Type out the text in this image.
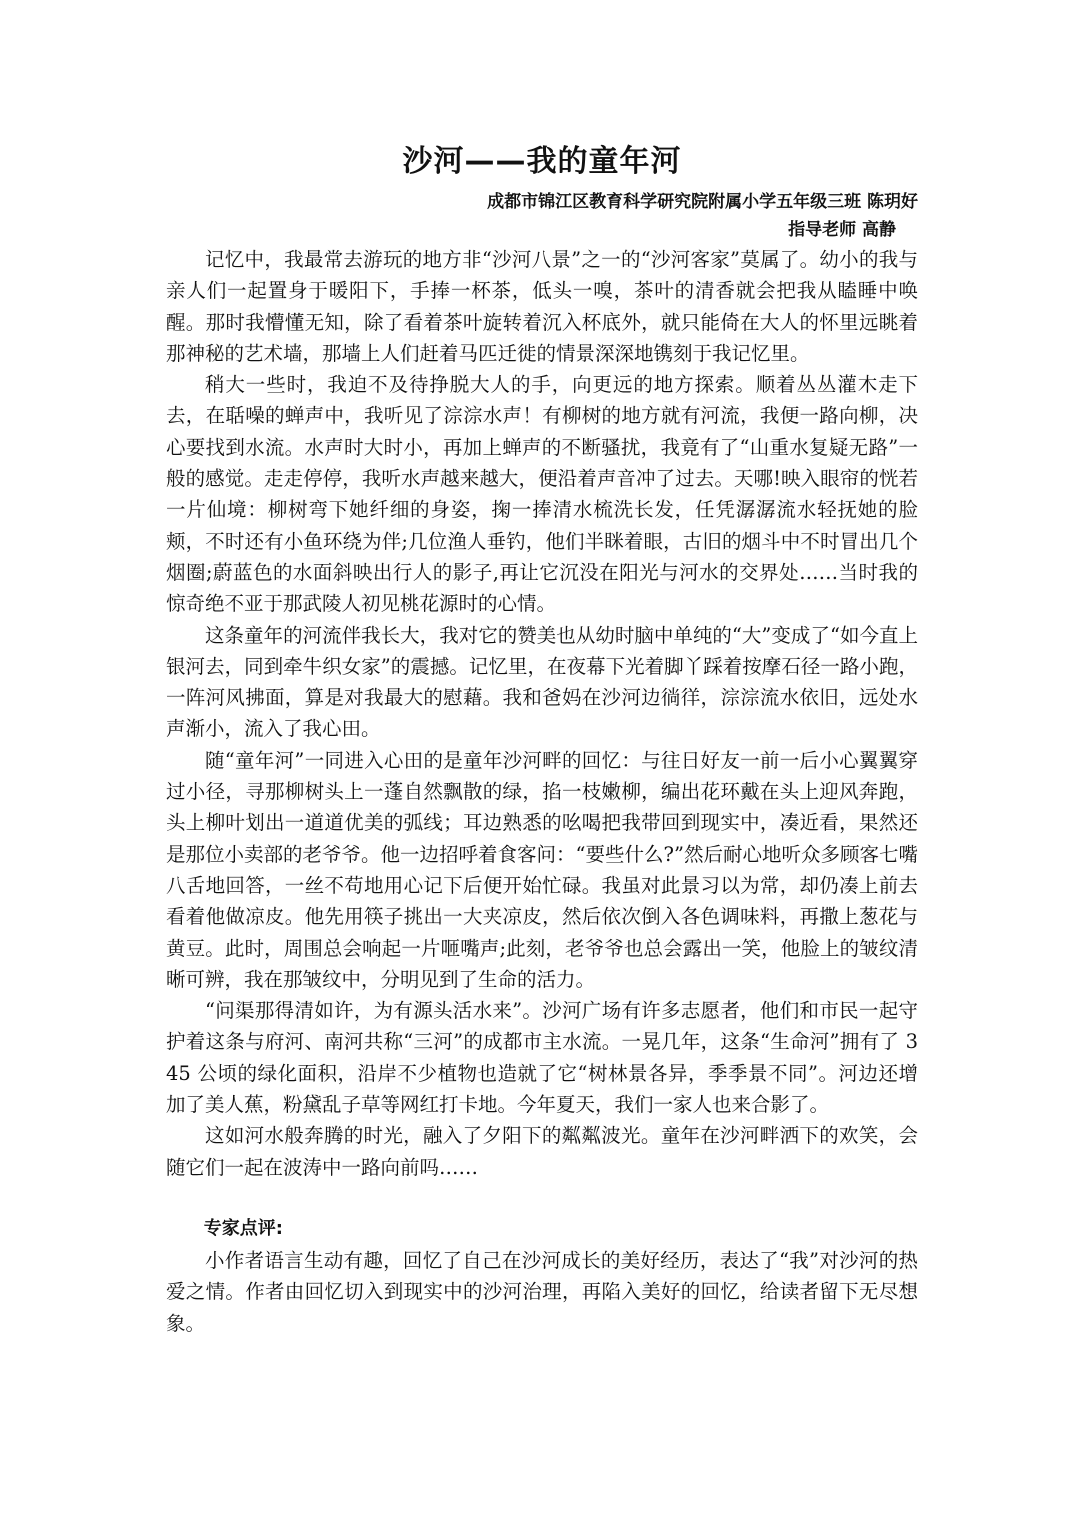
沙河——我的童年河
成都市锦江区教育科学研究院附属小学五年级三班 陈玥好
指导老师 高静

记忆中，我最常去游玩的地方非“沙河八景”之一的“沙河客家”莫属了。幼小的我与亲人们一起置身于暖阳下，手捧一杯茶，低头一嗅，茶叶的清香就会把我从瞌睡中唤醒。那时我懵懂无知，除了看着茶叶旋转着沉入杯底外，就只能倚在大人的怀里远眺着那神秘的艺术墙，那墙上人们赶着马匹迁徙的情景深深地镌刻于我记忆里。

稍大一些时，我迫不及待挣脱大人的手，向更远的地方探索。顺着丛丛灌木走下去，在聒噪的蝉声中，我听见了淙淙水声！有柳树的地方就有河流，我便一路向柳，决心要找到水流。水声时大时小，再加上蝉声的不断骚扰，我竟有了“山重水复疑无路”一般的感觉。走走停停，我听水声越来越大，便沿着声音冲了过去。天哪!映入眼帘的恍若一片仙境：柳树弯下她纤细的身姿，掬一捧清水梳洗长发，任凭潺潺流水轻抚她的脸颊，不时还有小鱼环绕为伴;几位渔人垂钓，他们半眯着眼，古旧的烟斗中不时冒出几个烟圈;蔚蓝色的水面斜映出行人的影子,再让它沉没在阳光与河水的交界处……当时我的惊奇绝不亚于那武陵人初见桃花源时的心情。

这条童年的河流伴我长大，我对它的赞美也从幼时脑中单纯的“大”变成了“如今直上银河去，同到牵牛织女家”的震撼。记忆里，在夜幕下光着脚丫踩着按摩石径一路小跑，一阵河风拂面，算是对我最大的慰藉。我和爸妈在沙河边徜徉，淙淙流水依旧，远处水声渐小，流入了我心田。

随“童年河”一同进入心田的是童年沙河畔的回忆：与往日好友一前一后小心翼翼穿过小径，寻那柳树头上一蓬自然飘散的绿，掐一枝嫩柳，编出花环戴在头上迎风奔跑，头上柳叶划出一道道优美的弧线；耳边熟悉的吆喝把我带回到现实中，凑近看，果然还是那位小卖部的老爷爷。他一边招呼着食客问：“要些什么?”然后耐心地听众多顾客七嘴八舌地回答，一丝不苟地用心记下后便开始忙碌。我虽对此景习以为常，却仍凑上前去看着他做凉皮。他先用筷子挑出一大夹凉皮，然后依次倒入各色调味料，再撒上葱花与黄豆。此时，周围总会响起一片咂嘴声;此刻，老爷爷也总会露出一笑，他脸上的皱纹清晰可辨，我在那皱纹中，分明见到了生命的活力。

“问渠那得清如许，为有源头活水来”。沙河广场有许多志愿者，他们和市民一起守护着这条与府河、南河共称“三河”的成都市主水流。一晃几年，这条“生命河”拥有了 345 公顷的绿化面积，沿岸不少植物也造就了它“树林景各异，季季景不同”。河边还增加了美人蕉，粉黛乱子草等网红打卡地。今年夏天，我们一家人也来合影了。

这如河水般奔腾的时光，融入了夕阳下的粼粼波光。童年在沙河畔洒下的欢笑，会随它们一起在波涛中一路向前吗……

专家点评:

小作者语言生动有趣，回忆了自己在沙河成长的美好经历，表达了“我”对沙河的热爱之情。作者由回忆切入到现实中的沙河治理，再陷入美好的回忆，给读者留下无尽想象。
